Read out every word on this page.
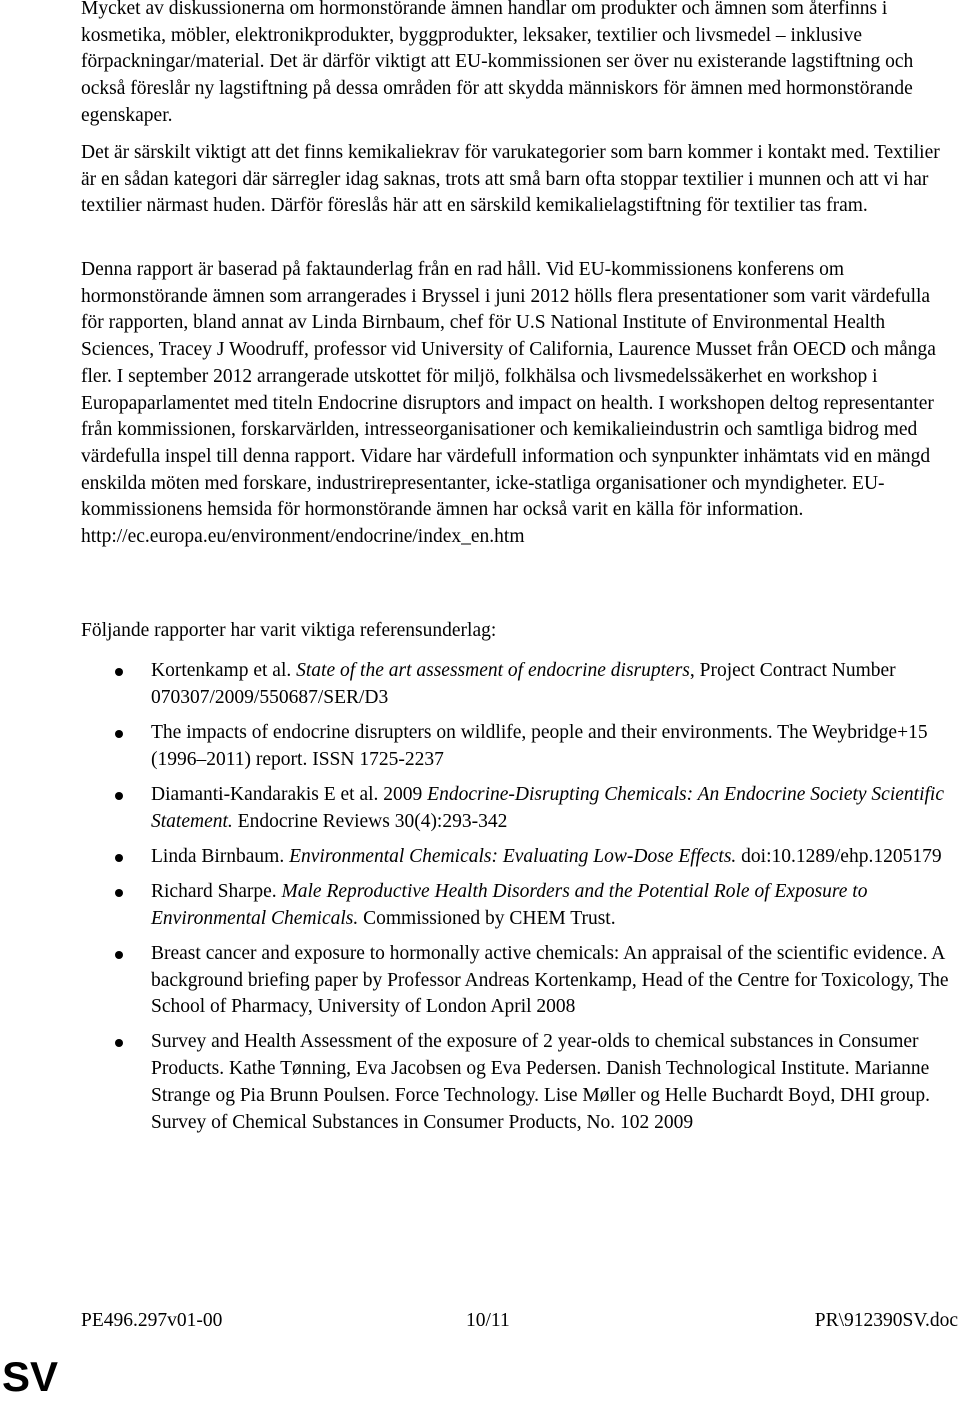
Mycket av diskussionerna om hormonstörande ämnen handlar om produkter och ämnen som återfinns i kosmetika, möbler, elektronikprodukter, byggprodukter, leksaker, textilier och livsmedel – inklusive förpackningar/material. Det är därför viktigt att EU-kommissionen ser över nu existerande lagstiftning och också föreslår ny lagstiftning på dessa områden för att skydda människors för ämnen med hormonstörande egenskaper.

Det är särskilt viktigt att det finns kemikaliekrav för varukategorier som barn kommer i kontakt med. Textilier är en sådan kategori där särregler idag saknas, trots att små barn ofta stoppar textilier i munnen och att vi har textilier närmast huden. Därför föreslås här att en särskild kemikalielagstiftning för textilier tas fram.

Denna rapport är baserad på faktaunderlag från en rad håll. Vid EU-kommissionens konferens om hormonstörande ämnen som arrangerades i Bryssel i juni 2012 hölls flera presentationer som varit värdefulla för rapporten, bland annat av Linda Birnbaum, chef för U.S National Institute of Environmental Health Sciences, Tracey J Woodruff, professor vid University of California, Laurence Musset från OECD och många fler. I september 2012 arrangerade utskottet för miljö, folkhälsa och livsmedelssäkerhet en workshop i Europaparlamentet med titeln Endocrine disruptors and impact on health. I workshopen deltog representanter från kommissionen, forskarvärlden, intresseorganisationer och kemikalieindustrin och samtliga bidrog med värdefulla inspel till denna rapport. Vidare har värdefull information och synpunkter inhämtats vid en mängd enskilda möten med forskare, industrirepresentanter, icke-statliga organisationer och myndigheter. EU-kommissionens hemsida för hormonstörande ämnen har också varit en källa för information. http://ec.europa.eu/environment/endocrine/index_en.htm

Följande rapporter har varit viktiga referensunderlag:

Kortenkamp et al. State of the art assessment of endocrine disrupters, Project Contract Number 070307/2009/550687/SER/D3
The impacts of endocrine disrupters on wildlife, people and their environments. The Weybridge+15 (1996–2011) report. ISSN 1725-2237
Diamanti-Kandarakis E et al. 2009 Endocrine-Disrupting Chemicals: An Endocrine Society Scientific Statement. Endocrine Reviews 30(4):293-342
Linda Birnbaum. Environmental Chemicals: Evaluating Low-Dose Effects. doi:10.1289/ehp.1205179
Richard Sharpe. Male Reproductive Health Disorders and the Potential Role of Exposure to Environmental Chemicals. Commissioned by CHEM Trust.
Breast cancer and exposure to hormonally active chemicals: An appraisal of the scientific evidence. A background briefing paper by Professor Andreas Kortenkamp, Head of the Centre for Toxicology, The School of Pharmacy, University of London April 2008
Survey and Health Assessment of the exposure of 2 year-olds to chemical substances in Consumer Products. Kathe Tønning, Eva Jacobsen og Eva Pedersen. Danish Technological Institute. Marianne Strange og Pia Brunn Poulsen. Force Technology. Lise Møller og Helle Buchardt Boyd, DHI group. Survey of Chemical Substances in Consumer Products, No. 102 2009
PE496.297v01-00	10/11	PR\912390SV.doc
SV
